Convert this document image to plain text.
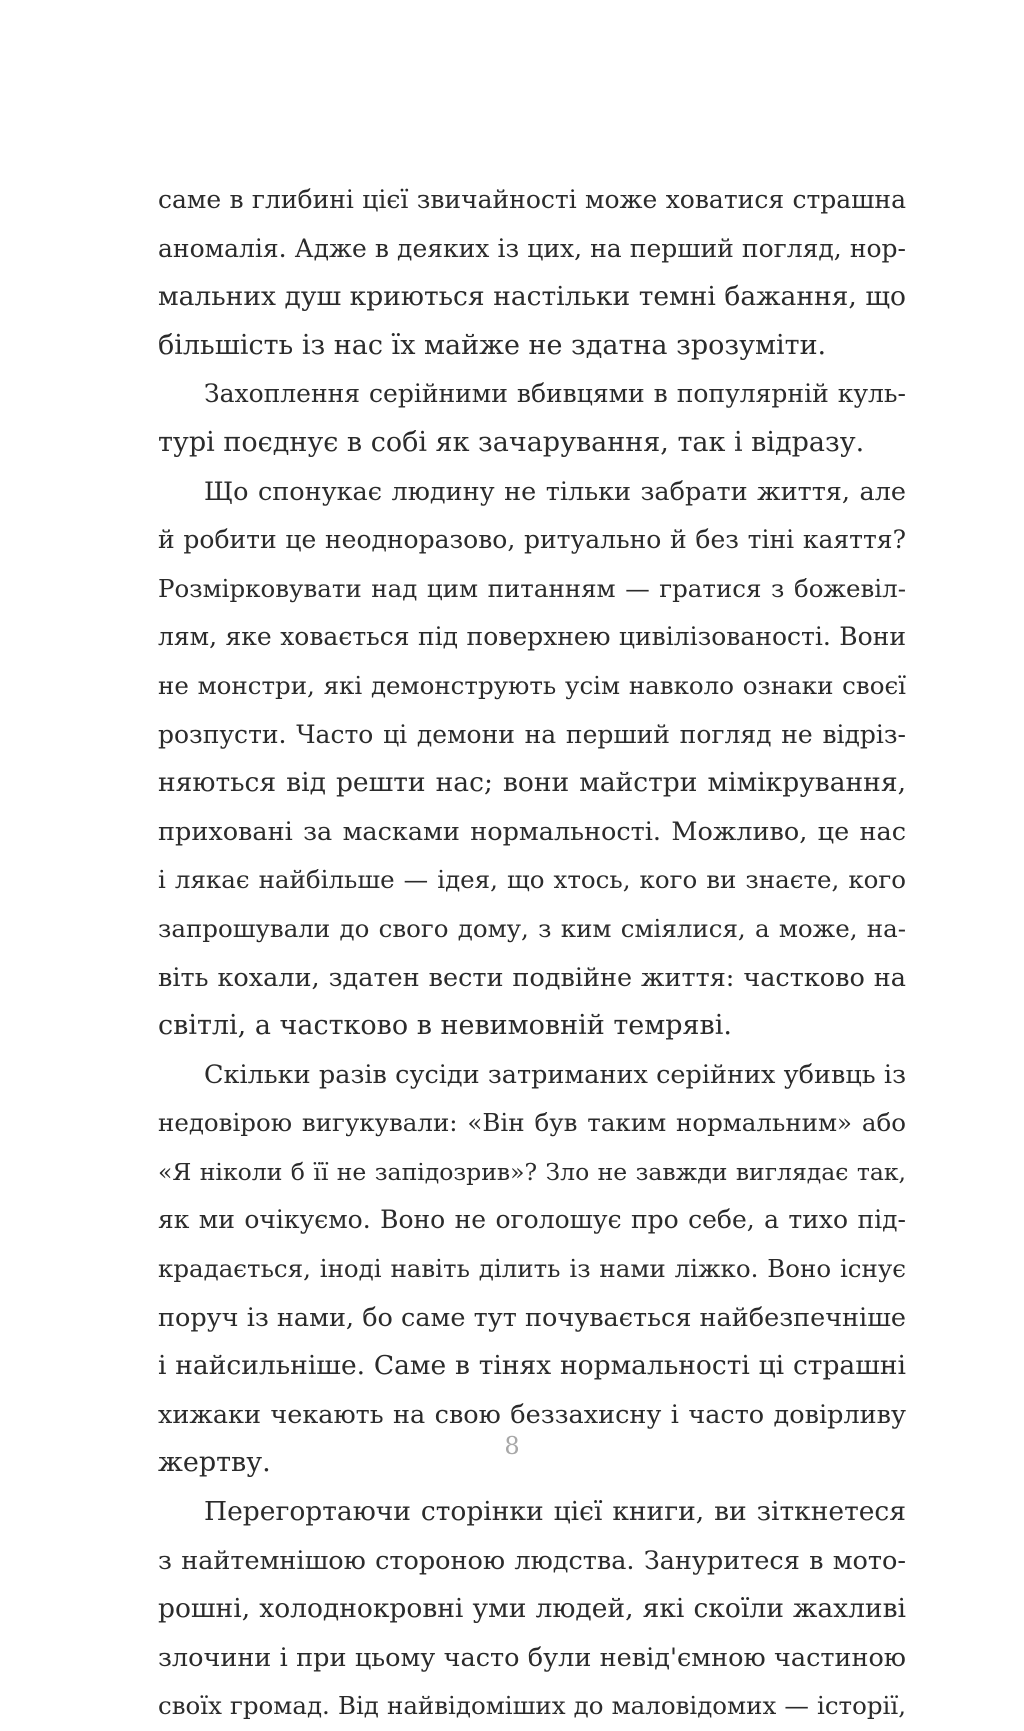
саме в глибині цієї звичайності може ховатися страшна
аномалія. Адже в деяких із цих, на перший погляд, нор-
мальних душ криються настільки темні бажання, що
більшість із нас їх майже не здатна зрозуміти.
Захоплення серійними вбивцями в популярній куль-
турі поєднує в собі як зачарування, так і відразу.
Що спонукає людину не тільки забрати життя, але
й робити це неодноразово, ритуально й без тіні каяття?
Розмірковувати над цим питанням — гратися з божевіл-
лям, яке ховається під поверхнею цивілізованості. Вони
не монстри, які демонструють усім навколо ознаки своєї
розпусти. Часто ці демони на перший погляд не відріз-
няються від решти нас; вони майстри мімікрування,
приховані за масками нормальності. Можливо, це нас
і лякає найбільше — ідея, що хтось, кого ви знаєте, кого
запрошували до свого дому, з ким сміялися, а може, на-
віть кохали, здатен вести подвійне життя: частково на
світлі, а частково в невимовній темряві.
Скільки разів сусіди затриманих серійних убивць із
недовірою вигукували: «Він був таким нормальним» або
«Я ніколи б її не запідозрив»? Зло не завжди виглядає так,
як ми очікуємо. Воно не оголошує про себе, а тихо під-
крадається, іноді навіть ділить із нами ліжко. Воно існує
поруч із нами, бо саме тут почувається найбезпечніше
і найсильніше. Саме в тінях нормальності ці страшні
хижаки чекають на свою беззахисну і часто довірливу
жертву.
Перегортаючи сторінки цієї книги, ви зіткнетеся
з найтемнішою стороною людства. Зануритеся в мото-
рошні, холоднокровні уми людей, які скоїли жахливі
злочини і при цьому часто були невід'ємною частиною
своїх громад. Від найвідоміших до маловідомих — історії,
8
